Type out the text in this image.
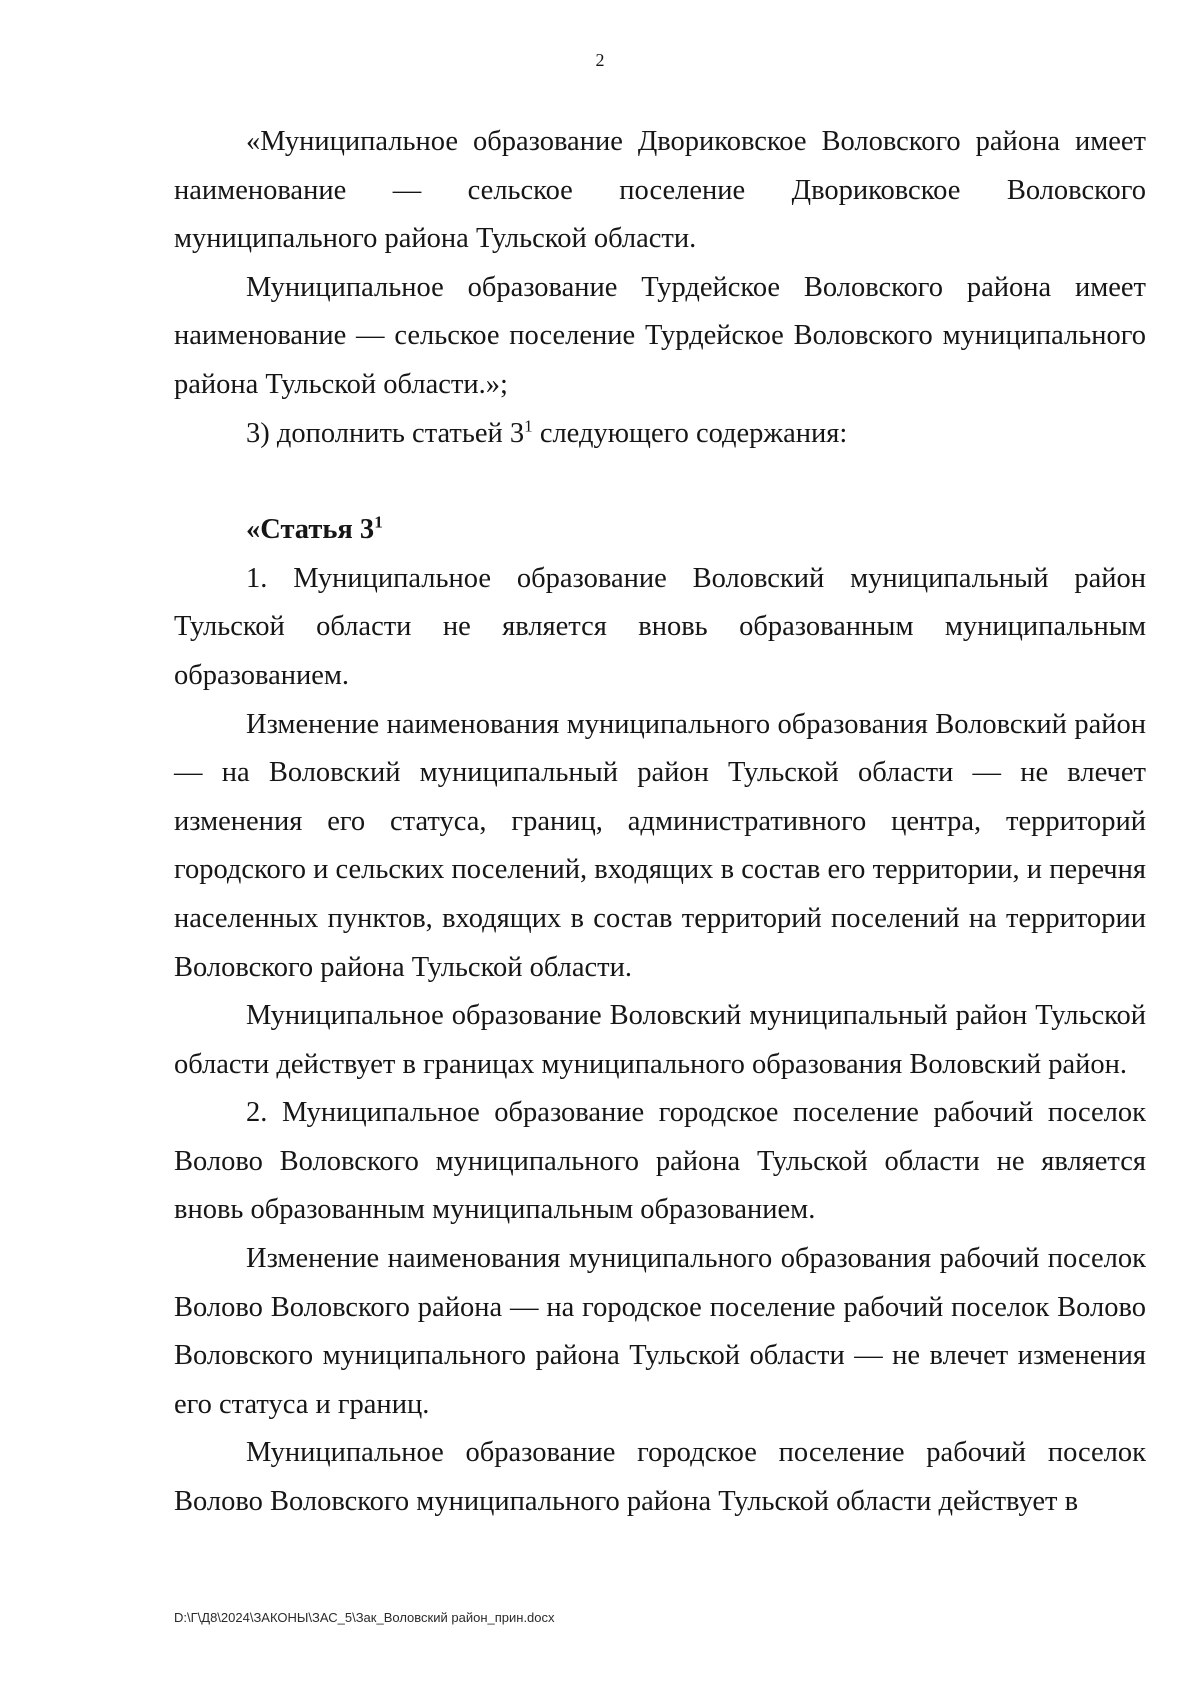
2

«Муниципальное образование Двориковское Воловского района имеет наименование — сельское поселение Двориковское Воловского муниципального района Тульской области.

Муниципальное образование Турдейское Воловского района имеет наименование — сельское поселение Турдейское Воловского муниципального района Тульской области.»;

3) дополнить статьей $3^1$ следующего содержания:

«Статья $3^1$

1. Муниципальное образование Воловский муниципальный район Тульской области не является вновь образованным муниципальным образованием.

Изменение наименования муниципального образования Воловский район — на Воловский муниципальный район Тульской области — не влечет изменения его статуса, границ, административного центра, территорий городского и сельских поселений, входящих в состав его территории, и перечня населенных пунктов, входящих в состав территорий поселений на территории Воловского района Тульской области.

Муниципальное образование Воловский муниципальный район Тульской области действует в границах муниципального образования Воловский район.

2. Муниципальное образование городское поселение рабочий поселок Волово Воловского муниципального района Тульской области не является вновь образованным муниципальным образованием.

Изменение наименования муниципального образования рабочий поселок Волово Воловского района — на городское поселение рабочий поселок Волово Воловского муниципального района Тульской области — не влечет изменения его статуса и границ.

Муниципальное образование городское поселение рабочий поселок Волово Воловского муниципального района Тульской области действует в

D:\Г\Д8\2024\ЗАКОНЫ\ЗАС_5\Зак_Воловский район_прин.docx
